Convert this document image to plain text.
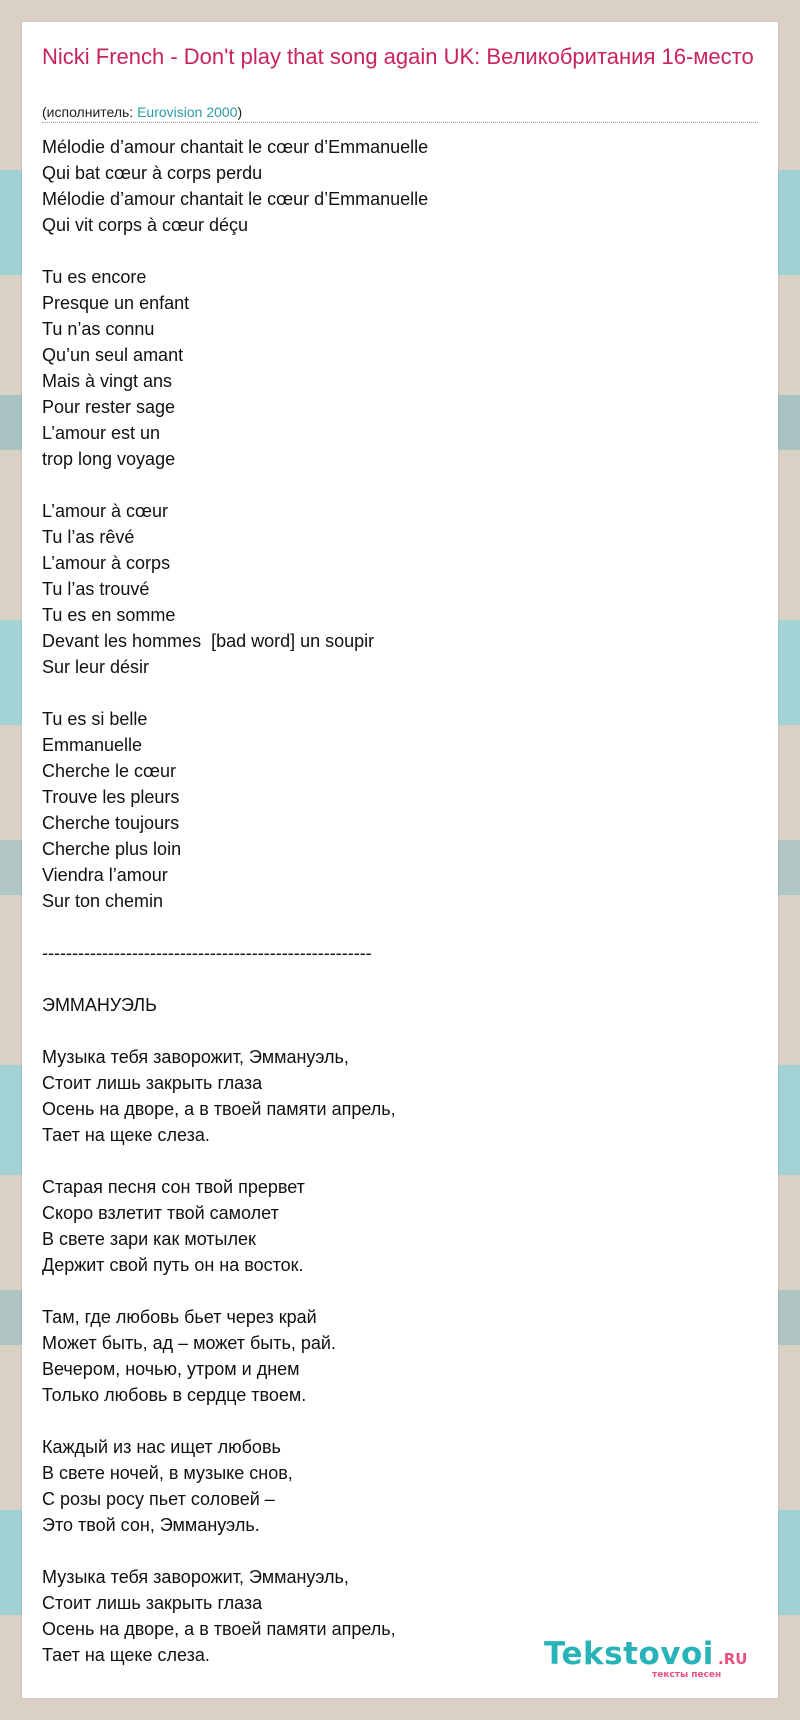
Nicki French - Don't play that song again UK: Великобритания 16-место
(исполнитель: Eurovision 2000)
Mélodie d’amour chantait le cœur d’Emmanuelle
Qui bat cœur à corps perdu
Mélodie d’amour chantait le cœur d’Emmanuelle
Qui vit corps à cœur déçu

Tu es encore
Presque un enfant
Tu n’as connu
Qu’un seul amant
Mais à vingt ans
Pour rester sage
L’amour est un
trop long voyage

L’amour à cœur
Tu l’as rêvé
L’amour à corps
Tu l’as trouvé
Tu es en somme
Devant les hommes  [bad word] un soupir
Sur leur désir

Tu es si belle
Emmanuelle
Cherche le cœur
Trouve les pleurs
Cherche toujours
Cherche plus loin
Viendra l’amour
Sur ton chemin

-------------------------------------------------------

ЭММАНУЭЛЬ

Музыка тебя заворожит, Эммануэль,
Стоит лишь закрыть глаза
Осень на дворе, а в твоей памяти апрель,
Тает на щеке слеза.

Старая песня сон твой прервет
Скоро взлетит твой самолет
В свете зари как мотылек
Держит свой путь он на восток.

Там, где любовь бьет через край
Может быть, ад – может быть, рай.
Вечером, ночью, утром и днем
Только любовь в сердце твоем.

Каждый из нас ищет любовь
В свете ночей, в музыке снов,
С розы росу пьет соловей –
Это твой сон, Эммануэль.

Музыка тебя заворожит, Эммануэль,
Стоит лишь закрыть глаза
Осень на дворе, а в твоей памяти апрель,
Тает на щеке слеза.	Tekstovoi .RU
тексты песен
